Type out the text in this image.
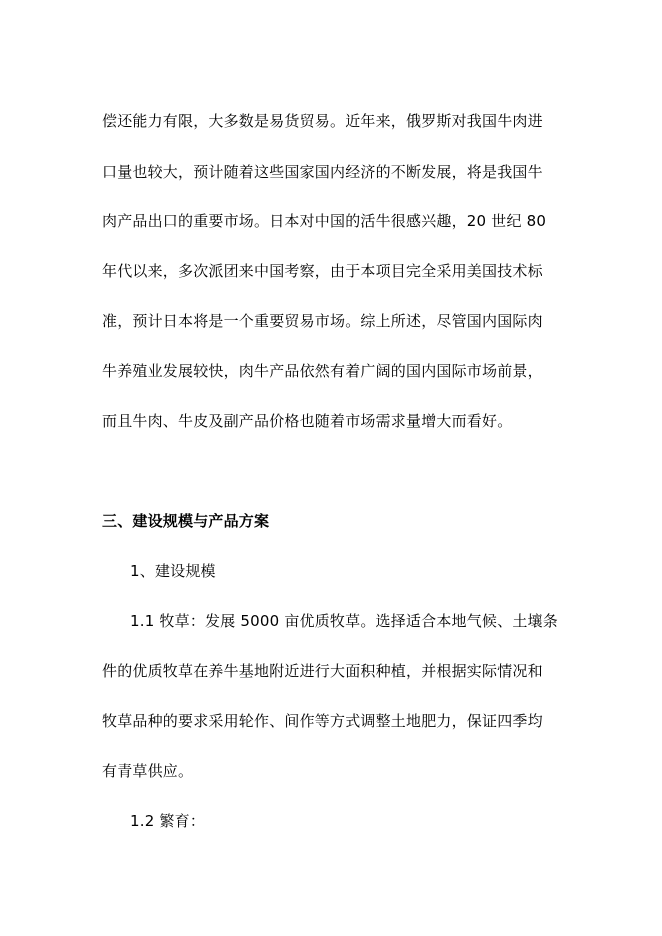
偿还能力有限，大多数是易货贸易。近年来，俄罗斯对我国牛肉进
口量也较大，预计随着这些国家国内经济的不断发展，将是我国牛
肉产品出口的重要市场。日本对中国的活牛很感兴趣，20 世纪 80
年代以来，多次派团来中国考察，由于本项目完全采用美国技术标
准，预计日本将是一个重要贸易市场。综上所述，尽管国内国际肉
牛养殖业发展较快，肉牛产品依然有着广阔的国内国际市场前景，
而且牛肉、牛皮及副产品价格也随着市场需求量增大而看好。
三、建设规模与产品方案
1、建设规模
1.1 牧草：发展 5000 亩优质牧草。选择适合本地气候、土壤条
件的优质牧草在养牛基地附近进行大面积种植，并根据实际情况和
牧草品种的要求采用轮作、间作等方式调整土地肥力，保证四季均
有青草供应。
1.2 繁育：
